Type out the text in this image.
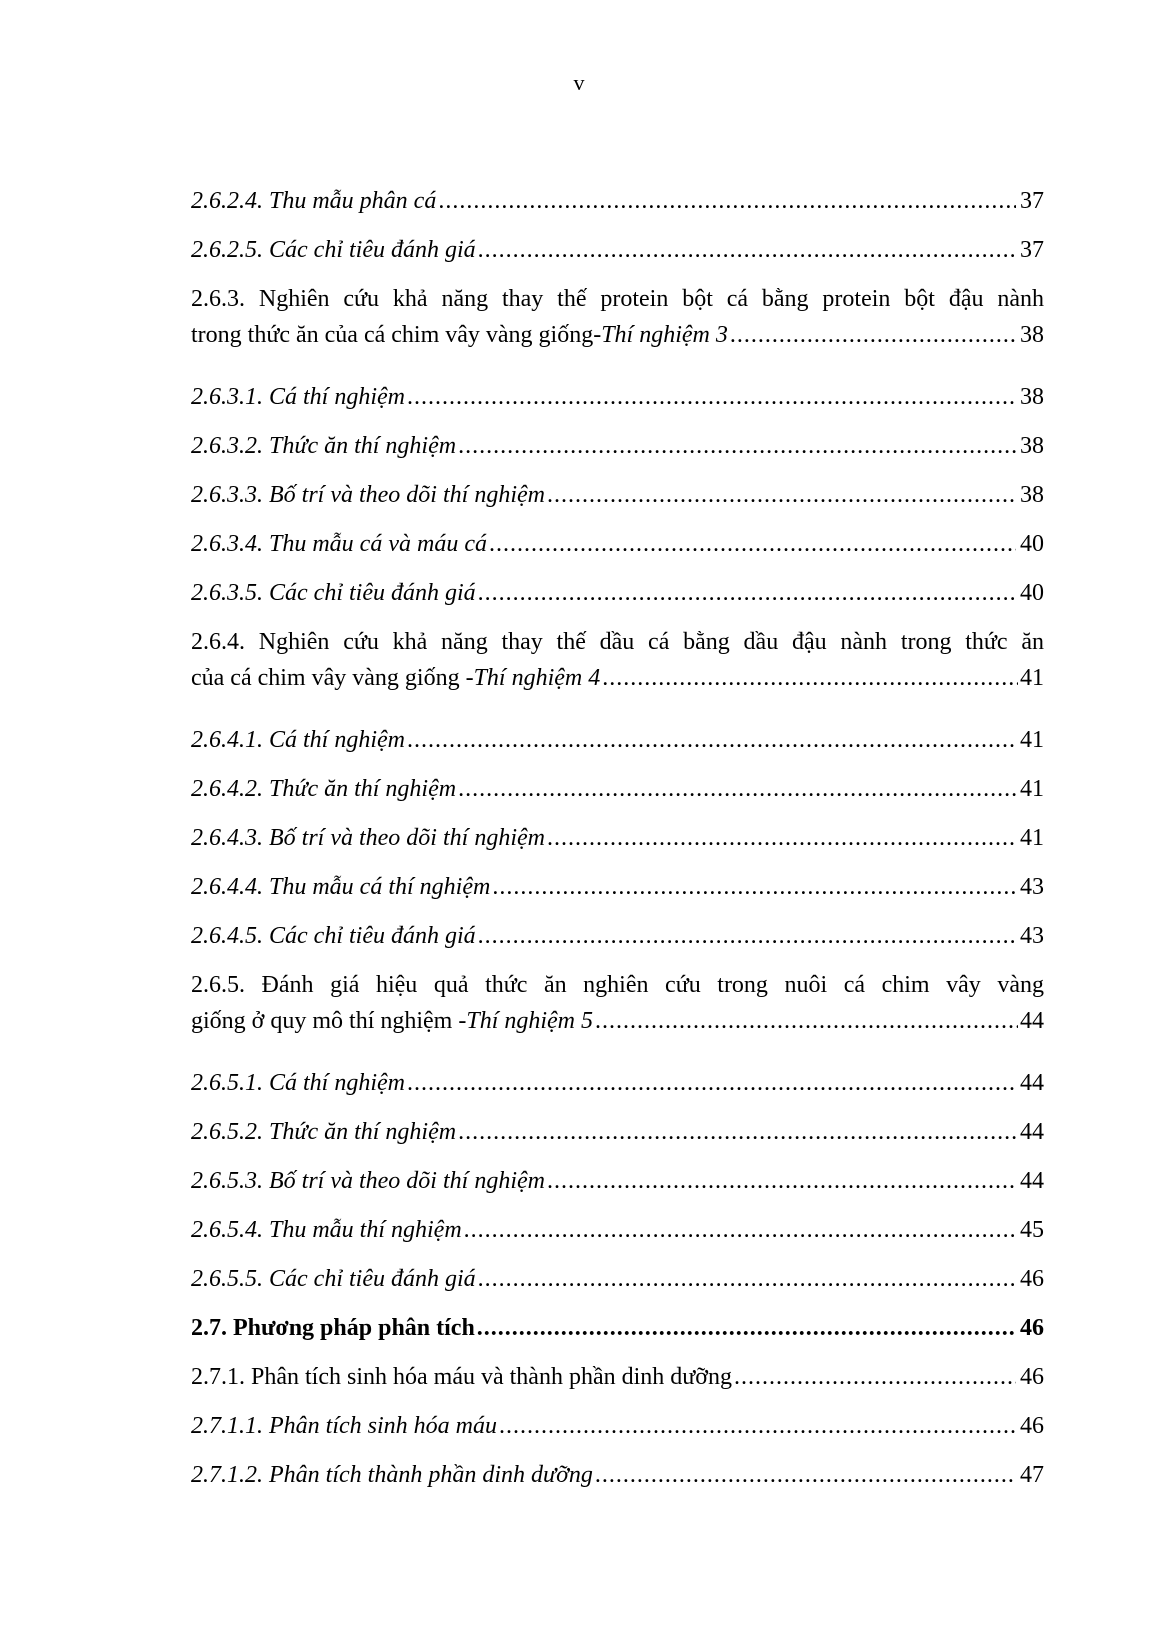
v
2.6.2.4. Thu mẫu phân cá .....	37
2.6.2.5. Các chỉ tiêu đánh giá .....	37
2.6.3. Nghiên cứu khả năng thay thế protein bột cá bằng protein bột đậu nành
trong thức ăn của cá chim vây vàng giống- Thí nghiệm 3 .....	38
2.6.3.1. Cá thí nghiệm .....	38
2.6.3.2. Thức ăn thí nghiệm .....	38
2.6.3.3. Bố trí và theo dõi thí nghiệm .....	38
2.6.3.4. Thu mẫu cá và máu cá .....	40
2.6.3.5. Các chỉ tiêu đánh giá .....	40
2.6.4. Nghiên cứu khả năng thay thế dầu cá bằng dầu đậu nành trong thức ăn
của cá chim vây vàng giống - Thí nghiệm 4 .....	41
2.6.4.1. Cá thí nghiệm .....	41
2.6.4.2. Thức ăn thí nghiệm .....	41
2.6.4.3. Bố trí và theo dõi thí nghiệm .....	41
2.6.4.4. Thu mẫu cá thí nghiệm .....	43
2.6.4.5. Các chỉ tiêu đánh giá .....	43
2.6.5. Đánh giá hiệu quả thức ăn nghiên cứu trong nuôi cá chim vây vàng
giống ở quy mô thí nghiệm - Thí nghiệm 5 .....	44
2.6.5.1. Cá thí nghiệm .....	44
2.6.5.2. Thức ăn thí nghiệm .....	44
2.6.5.3. Bố trí và theo dõi thí nghiệm .....	44
2.6.5.4. Thu mẫu thí nghiệm .....	45
2.6.5.5. Các chỉ tiêu đánh giá .....	46
2.7. Phương pháp phân tích .....	46
2.7.1. Phân tích sinh hóa máu và thành phần dinh dưỡng .....	46
2.7.1.1. Phân tích sinh hóa máu .....	46
2.7.1.2. Phân tích thành phần dinh dưỡng .....	47
